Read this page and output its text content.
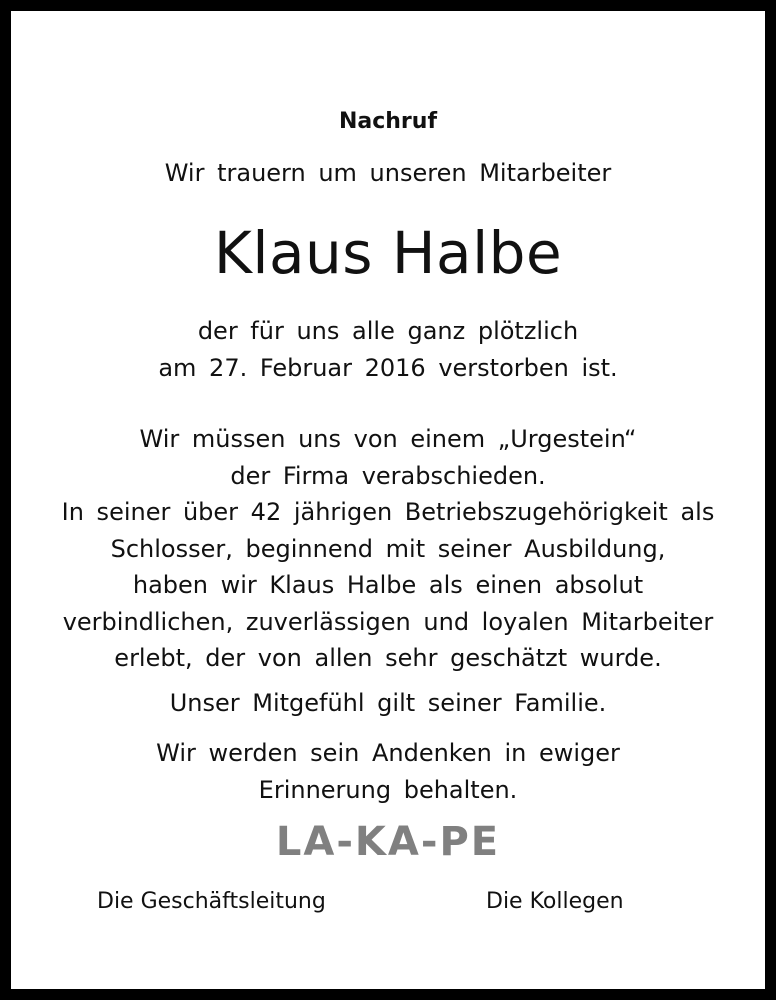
Nachruf
Wir trauern um unseren Mitarbeiter
Klaus Halbe
der für uns alle ganz plötzlich
am 27. Februar 2016 verstorben ist.
Wir müssen uns von einem „Urgestein“
der Firma verabschieden.
In seiner über 42 jährigen Betriebszugehörigkeit als
Schlosser, beginnend mit seiner Ausbildung,
haben wir Klaus Halbe als einen absolut
verbindlichen, zuverlässigen und loyalen Mitarbeiter
erlebt, der von allen sehr geschätzt wurde.
Unser Mitgefühl gilt seiner Familie.
Wir werden sein Andenken in ewiger
Erinnerung behalten.
LA-KA-PE
Die Geschäftsleitung	Die Kollegen
